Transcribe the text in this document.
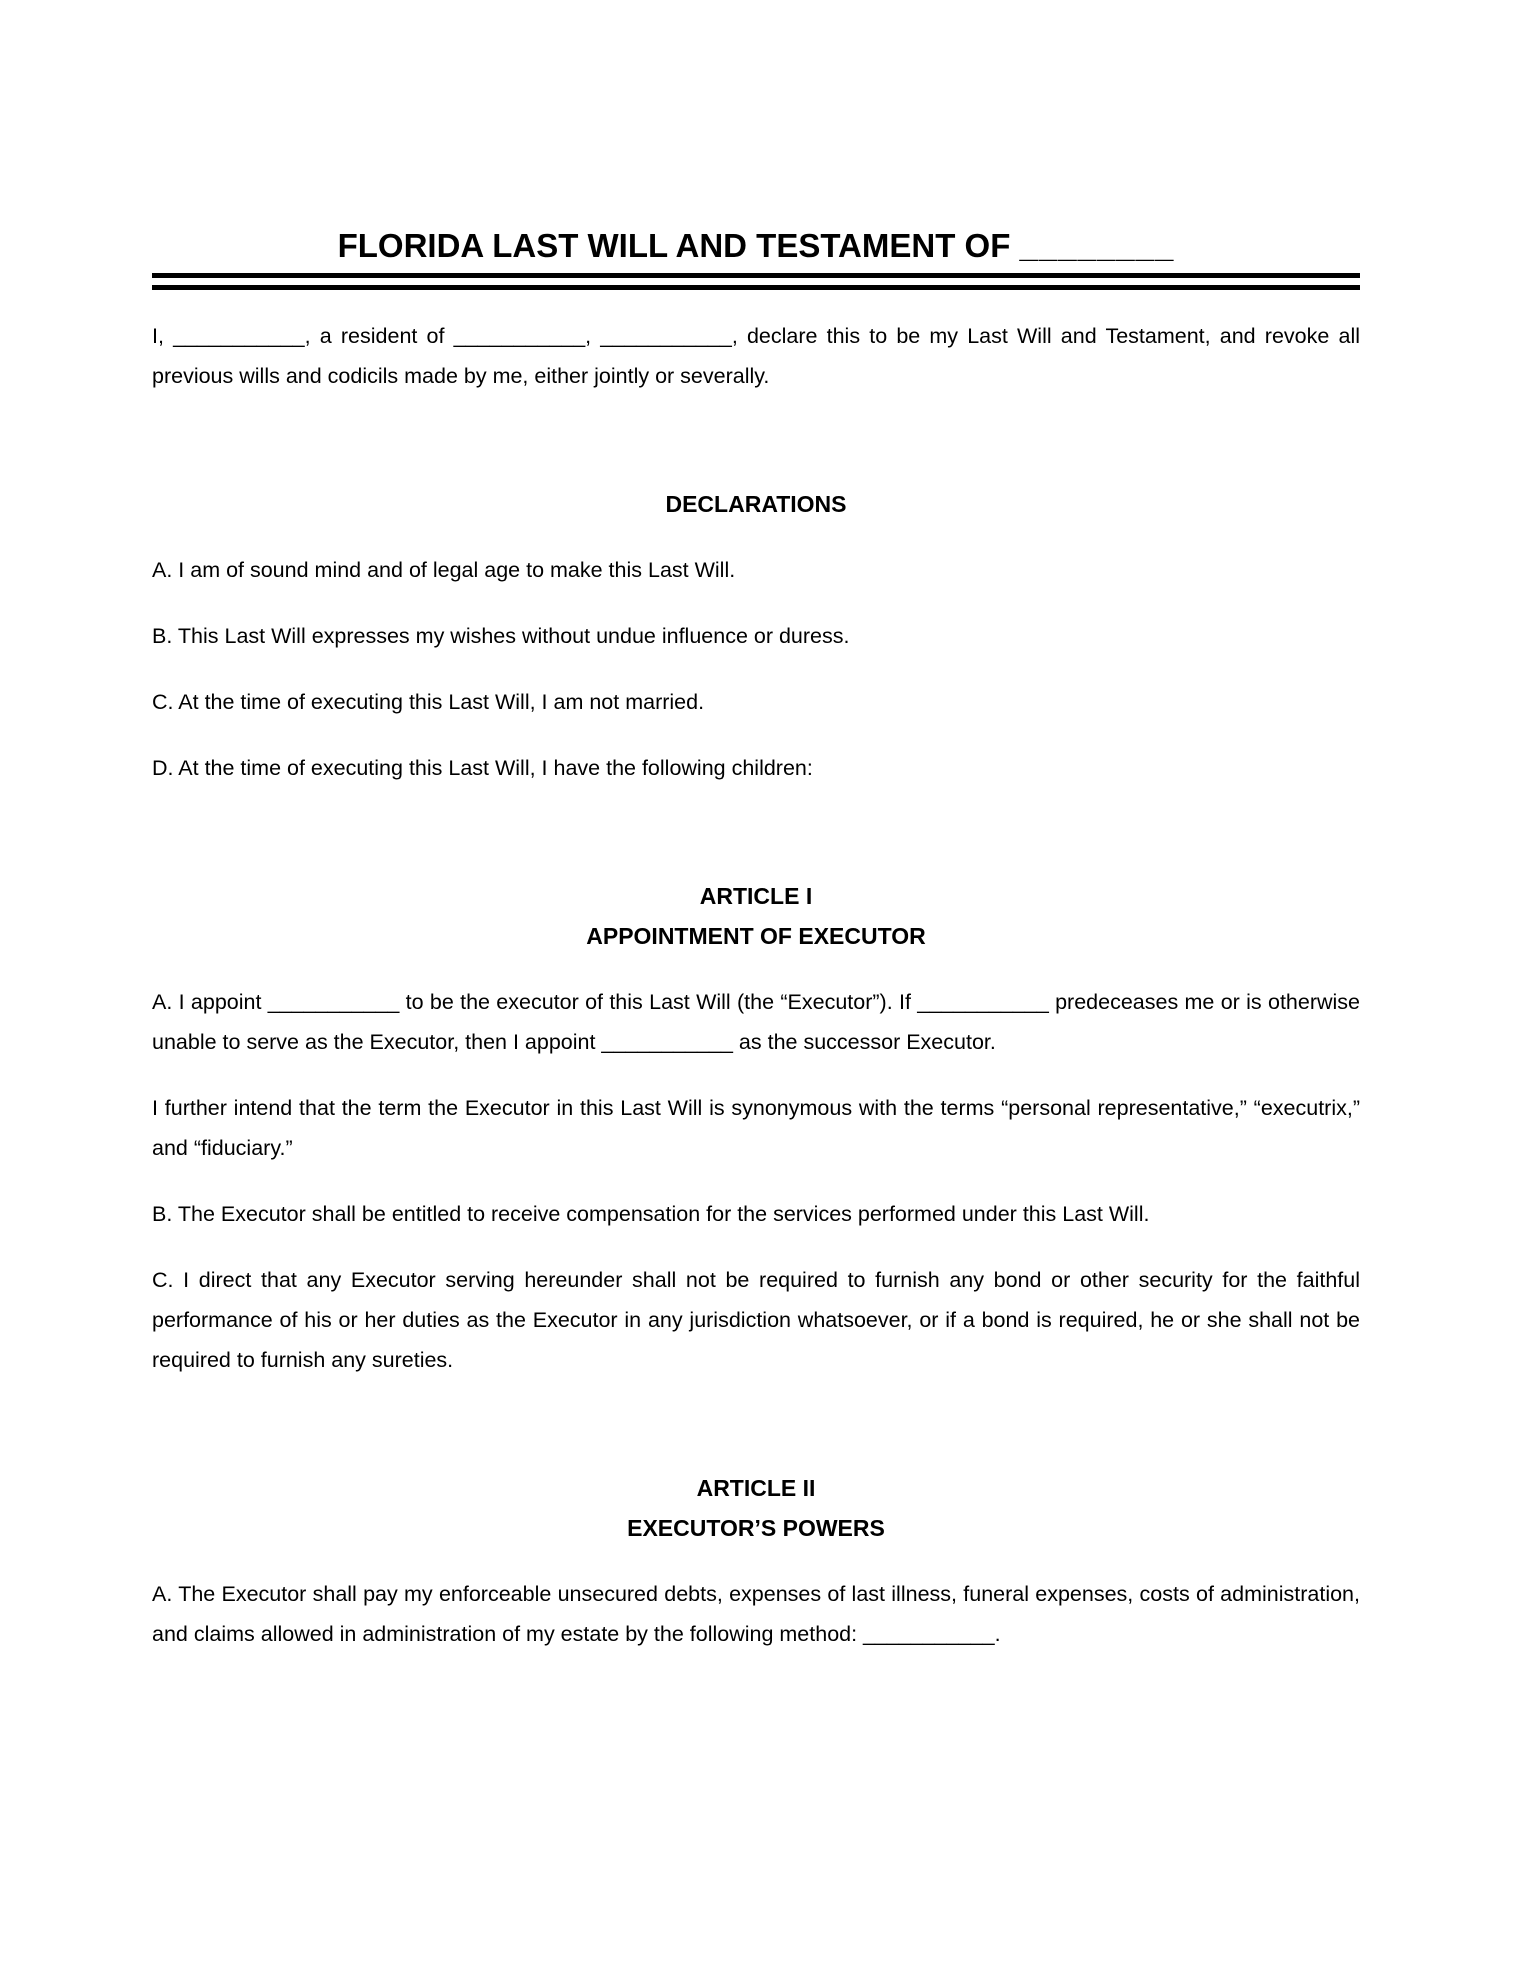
FLORIDA LAST WILL AND TESTAMENT OF ________

I, ___________, a resident of ___________, ___________, declare this to be my Last Will and Testament, and revoke all previous wills and codicils made by me, either jointly or severally.

DECLARATIONS

A. I am of sound mind and of legal age to make this Last Will.

B. This Last Will expresses my wishes without undue influence or duress.

C. At the time of executing this Last Will, I am not married.

D. At the time of executing this Last Will, I have the following children:

ARTICLE I
APPOINTMENT OF EXECUTOR

A. I appoint ___________ to be the executor of this Last Will (the “Executor”). If ___________ predeceases me or is otherwise unable to serve as the Executor, then I appoint ___________ as the successor Executor.

I further intend that the term the Executor in this Last Will is synonymous with the terms “personal representative,” “executrix,” and “fiduciary.”

B. The Executor shall be entitled to receive compensation for the services performed under this Last Will.

C. I direct that any Executor serving hereunder shall not be required to furnish any bond or other security for the faithful performance of his or her duties as the Executor in any jurisdiction whatsoever, or if a bond is required, he or she shall not be required to furnish any sureties.

ARTICLE II
EXECUTOR’S POWERS

A. The Executor shall pay my enforceable unsecured debts, expenses of last illness, funeral expenses, costs of administration, and claims allowed in administration of my estate by the following method: ___________.
